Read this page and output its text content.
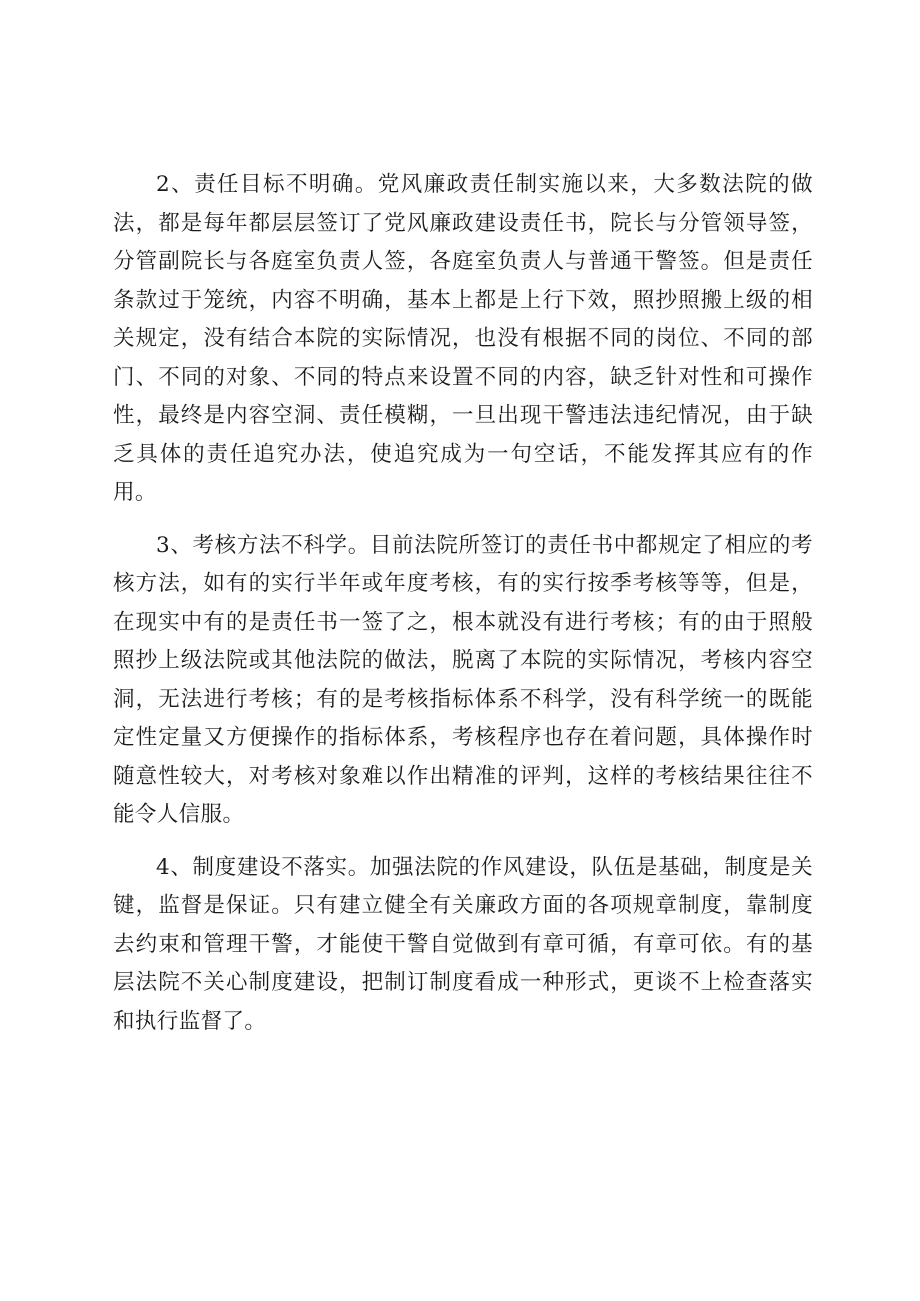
2、责任目标不明确。党风廉政责任制实施以来，大多数法院的做法，都是每年都层层签订了党风廉政建设责任书，院长与分管领导签，分管副院长与各庭室负责人签，各庭室负责人与普通干警签。但是责任条款过于笼统，内容不明确，基本上都是上行下效，照抄照搬上级的相关规定，没有结合本院的实际情况，也没有根据不同的岗位、不同的部门、不同的对象、不同的特点来设置不同的内容，缺乏针对性和可操作性，最终是内容空洞、责任模糊，一旦出现干警违法违纪情况，由于缺乏具体的责任追究办法，使追究成为一句空话，不能发挥其应有的作用。

3、考核方法不科学。目前法院所签订的责任书中都规定了相应的考核方法，如有的实行半年或年度考核，有的实行按季考核等等，但是，在现实中有的是责任书一签了之，根本就没有进行考核；有的由于照般照抄上级法院或其他法院的做法，脱离了本院的实际情况，考核内容空洞，无法进行考核；有的是考核指标体系不科学，没有科学统一的既能定性定量又方便操作的指标体系，考核程序也存在着问题，具体操作时随意性较大，对考核对象难以作出精准的评判，这样的考核结果往往不能令人信服。

4、制度建设不落实。加强法院的作风建设，队伍是基础，制度是关键，监督是保证。只有建立健全有关廉政方面的各项规章制度，靠制度去约束和管理干警，才能使干警自觉做到有章可循，有章可依。有的基层法院不关心制度建设，把制订制度看成一种形式，更谈不上检查落实和执行监督了。
